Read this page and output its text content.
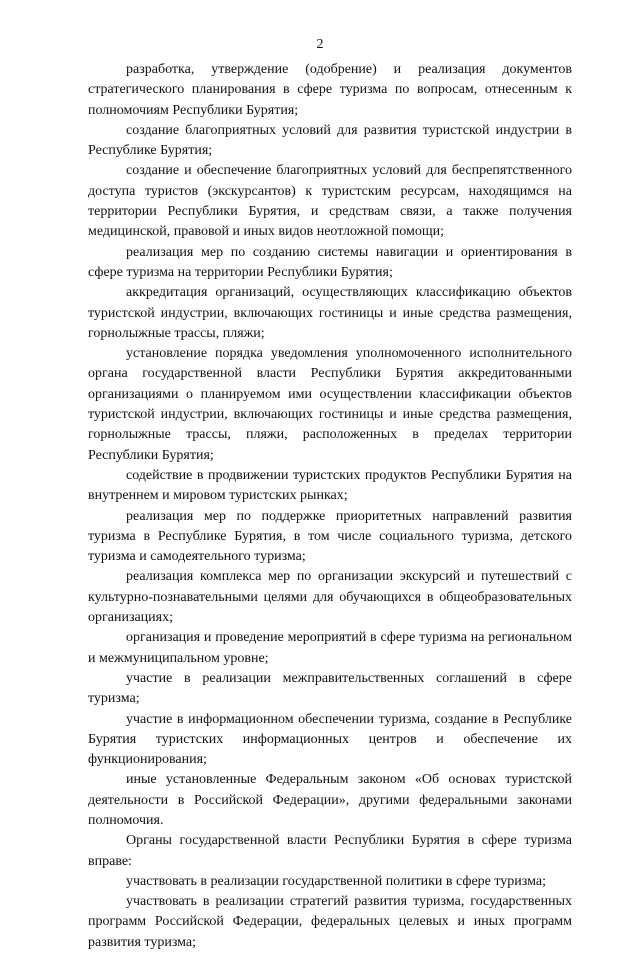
2

разработка, утверждение (одобрение) и реализация документов стратегического планирования в сфере туризма по вопросам, отнесенным к полномочиям Республики Бурятия;

создание благоприятных условий для развития туристской индустрии в Республике Бурятия;

создание и обеспечение благоприятных условий для беспрепятственного доступа туристов (экскурсантов) к туристским ресурсам, находящимся на территории Республики Бурятия, и средствам связи, а также получения медицинской, правовой и иных видов неотложной помощи;

реализация мер по созданию системы навигации и ориентирования в сфере туризма на территории Республики Бурятия;

аккредитация организаций, осуществляющих классификацию объектов туристской индустрии, включающих гостиницы и иные средства размещения, горнолыжные трассы, пляжи;

установление порядка уведомления уполномоченного исполнительного органа государственной власти Республики Бурятия аккредитованными организациями о планируемом ими осуществлении классификации объектов туристской индустрии, включающих гостиницы и иные средства размещения, горнолыжные трассы, пляжи, расположенных в пределах территории Республики Бурятия;

содействие в продвижении туристских продуктов Республики Бурятия на внутреннем и мировом туристских рынках;

реализация мер по поддержке приоритетных направлений развития туризма в Республике Бурятия, в том числе социального туризма, детского туризма и самодеятельного туризма;

реализация комплекса мер по организации экскурсий и путешествий с культурно-познавательными целями для обучающихся в общеобразовательных организациях;

организация и проведение мероприятий в сфере туризма на региональном и межмуниципальном уровне;

участие в реализации межправительственных соглашений в сфере туризма;

участие в информационном обеспечении туризма, создание в Республике Бурятия туристских информационных центров и обеспечение их функционирования;

иные установленные Федеральным законом «Об основах туристской деятельности в Российской Федерации», другими федеральными законами полномочия.

Органы государственной власти Республики Бурятия в сфере туризма вправе:

участвовать в реализации государственной политики в сфере туризма;

участвовать в реализации стратегий развития туризма, государственных программ Российской Федерации, федеральных целевых и иных программ развития туризма;
